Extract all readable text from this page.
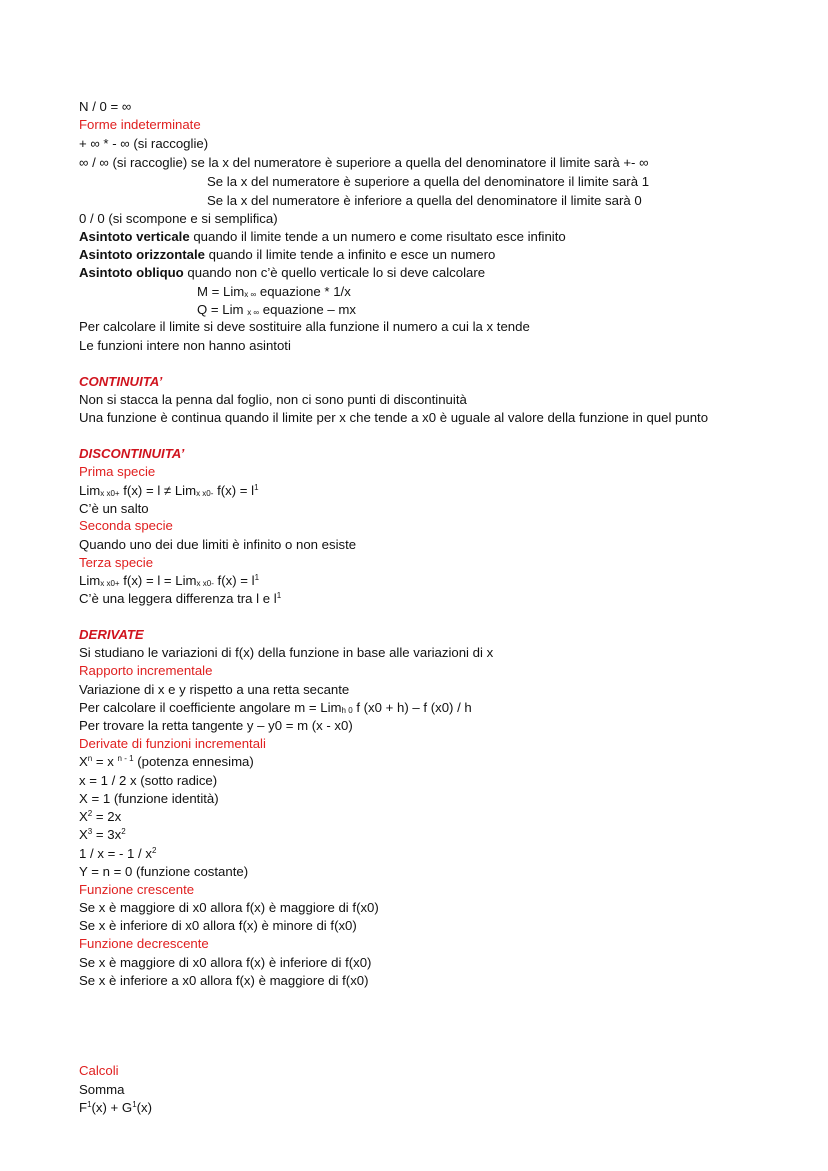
N / 0 = ∞
Forme indeterminate
+ ∞ * - ∞ (si raccoglie)
∞ / ∞ (si raccoglie) se la x del numeratore è superiore a quella del denominatore il limite sarà +- ∞
Se la x del numeratore è superiore a quella del denominatore il limite sarà 1
Se la x del numeratore è inferiore a quella del denominatore il limite sarà 0
0 / 0 (si scompone e si semplifica)
Asintoto verticale quando il limite tende a un numero e come risultato esce infinito
Asintoto orizzontale quando il limite tende a infinito e esce un numero
Asintoto obliquo quando non c’è quello verticale lo si deve calcolare
M = Lim$_{x \infty}$ equazione * 1/x
Q = Lim $_{x \infty}$ equazione – mx
Per calcolare il limite si deve sostituire alla funzione il numero a cui la x tende
Le funzioni intere non hanno asintoti
CONTINUITA’
Non si stacca la penna dal foglio, non ci sono punti di discontinuità
Una funzione è continua quando il limite per x che tende a x0 è uguale al valore della funzione in quel punto
DISCONTINUITA’
Prima specie
Lim$_{x x0+}$ f(x) = l ≠ Lim$_{x x0-}$ $f(x) = l^1$
C’è un salto
Seconda specie
Quando uno dei due limiti è infinito o non esiste
Terza specie
Lim$_{x x0+}$ f(x) = l = Lim$_{x x0-}$ $f(x) = l^1$
C’è una leggera differenza tra l e $l^1$
DERIVATE
Si studiano le variazioni di f(x) della funzione in base alle variazioni di x
Rapporto incrementale
Variazione di x e y rispetto a una retta secante
Per calcolare il coefficiente angolare m = Lim$_{h 0}$ f (x0 + h) – f (x0) / h
Per trovare la retta tangente y – y0 = m (x - x0)
Derivate di funzioni incrementali
$X^n = x$ $^{n - 1}$ (potenza ennesima)
x = 1 / 2 x (sotto radice)
X = 1 (funzione identità)
$X^2 = 2x$
$X^3 = 3x^2$
1 / x = - $1 / x^2$
Y = n = 0 (funzione costante)
Funzione crescente
Se x è maggiore di x0 allora f(x) è maggiore di f(x0)
Se x è inferiore di x0 allora f(x) è minore di f(x0)
Funzione decrescente
Se x è maggiore di x0 allora f(x) è inferiore di f(x0)
Se x è inferiore a x0 allora f(x) è maggiore di f(x0)
Calcoli
Somma
$F^1(x) + G^1(x)$
